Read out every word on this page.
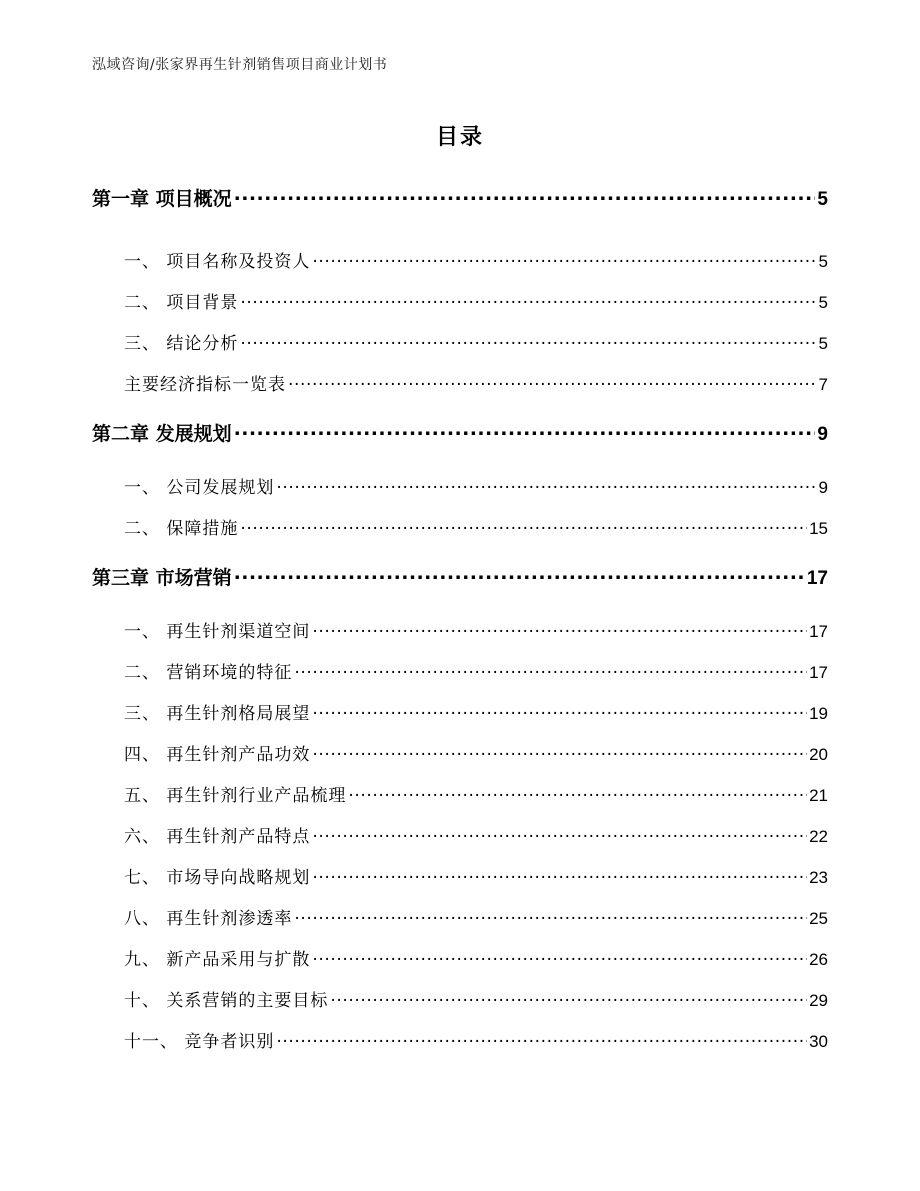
泓域咨询/张家界再生针剂销售项目商业计划书
目录
第一章 项目概况 .....	5
一、 项目名称及投资人 .....	5
二、 项目背景 .....	5
三、 结论分析 .....	5
主要经济指标一览表 .....	7
第二章 发展规划 .....	9
一、 公司发展规划 .....	9
二、 保障措施 .....	15
第三章 市场营销 .....	17
一、 再生针剂渠道空间 .....	17
二、 营销环境的特征 .....	17
三、 再生针剂格局展望 .....	19
四、 再生针剂产品功效 .....	20
五、 再生针剂行业产品梳理 .....	21
六、 再生针剂产品特点 .....	22
七、 市场导向战略规划 .....	23
八、 再生针剂渗透率 .....	25
九、 新产品采用与扩散 .....	26
十、 关系营销的主要目标 .....	29
十一、 竞争者识别 .....	30
